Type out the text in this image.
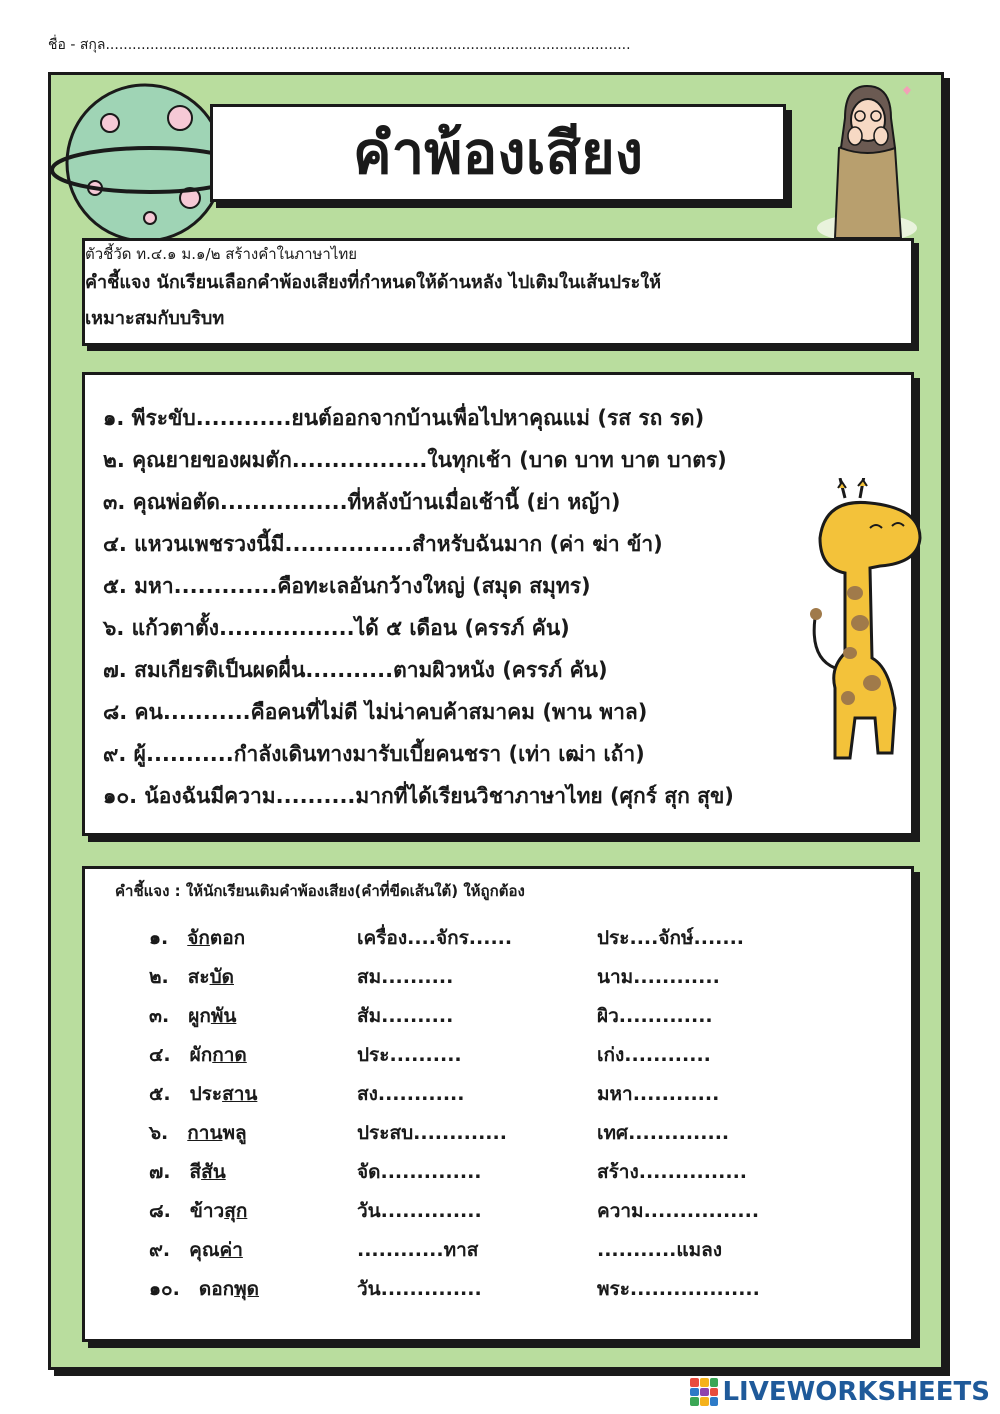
ชื่อ - สกุล......................................................................................................................
คำพ้องเสียง
ตัวชี้วัด ท.๔.๑ ม.๑/๒ สร้างคำในภาษาไทย
คำชี้แจง นักเรียนเลือกคำพ้องเสียงที่กำหนดให้ด้านหลัง ไปเติมในเส้นประให้
เหมาะสมกับบริบท
๑. พีระขับ............ยนต์ออกจากบ้านเพื่อไปหาคุณแม่ (รส รถ รด)
๒. คุณยายของผมตัก.................ในทุกเช้า (บาด บาท บาต บาตร)
๓. คุณพ่อตัด................ที่หลังบ้านเมื่อเช้านี้ (ย่า หญ้า)
๔. แหวนเพชรวงนี้มี................สำหรับฉันมาก (ค่า ฆ่า ข้า)
๕. มหา.............คือทะเลอันกว้างใหญ่ (สมุด สมุทร)
๖. แก้วตาตั้ง.................ได้ ๕ เดือน (ครรภ์ คัน)
๗. สมเกียรติเป็นผดผื่น...........ตามผิวหนัง (ครรภ์ คัน)
๘. คน...........คือคนที่ไม่ดี ไม่น่าคบค้าสมาคม (พาน พาล)
๙. ผู้...........กำลังเดินทางมารับเบี้ยคนชรา (เท่า เฒ่า เถ้า)
๑๐. น้องฉันมีความ..........มากที่ได้เรียนวิชาภาษาไทย (ศุกร์ สุก สุข)
คำชี้แจง : ให้นักเรียนเติมคำพ้องเสียง(คำที่ขีดเส้นใต้) ให้ถูกต้อง
๑.  จักตอก	เครื่อง....จักร......	ประ....จักษ์.......
๒.  สะบัด	สม..........	นาม............
๓.  ผูกพัน	สัม..........	ผิว.............
๔.  ผักกาด	ประ..........	เก่ง............
๕.  ประสาน	สง............	มหา............
๖.  กานพลู	ประสบ.............	เทศ..............
๗.  สีสัน	จัด..............	สร้าง...............
๘.  ข้าวสุก	วัน..............	ความ................
๙.  คุณค่า	............ทาส	...........แมลง
๑๐.  ดอกพุด	วัน..............	พระ..................
LIVEWORKSHEETS
